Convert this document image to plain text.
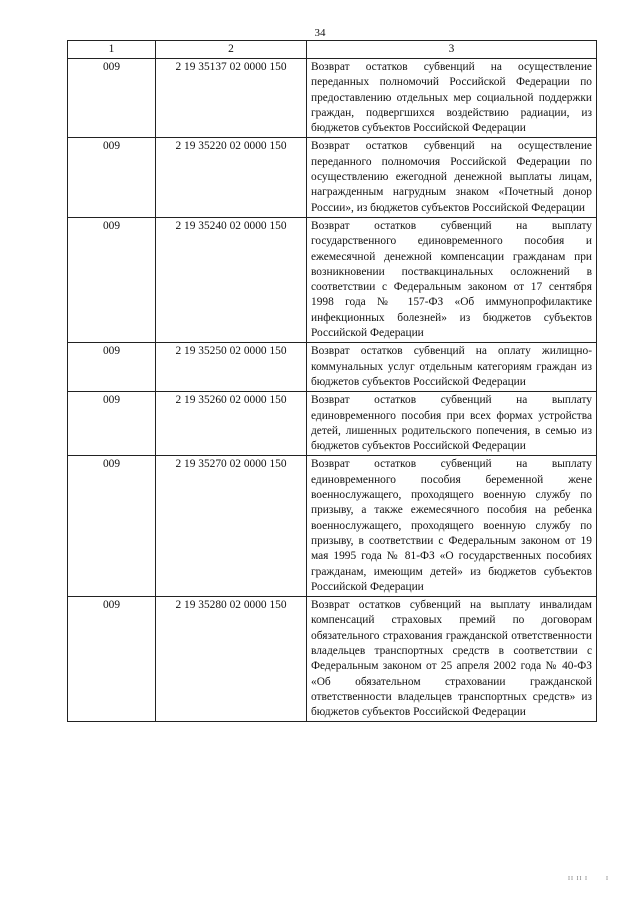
34
1	2	3
009	2 19 35137 02 0000 150	Возврат остатков субвенций на осуществление переданных полномочий Российской Федерации по предоставлению отдельных мер социальной поддержки граждан, подвергшихся воздействию радиации, из бюджетов субъектов Российской Федерации
009	2 19 35220 02 0000 150	Возврат остатков субвенций на осуществление переданного полномочия Российской Федерации по осуществлению ежегодной денежной выплаты лицам, награжденным нагрудным знаком «Почетный донор России», из бюджетов субъектов Российской Федерации
009	2 19 35240 02 0000 150	Возврат остатков субвенций на выплату государственного единовременного пособия и ежемесячной денежной компенсации гражданам при возникновении поствакцинальных осложнений в соответствии с Федеральным законом от 17 сентября 1998 года № 157-ФЗ «Об иммунопрофилактике инфекционных болезней» из бюджетов субъектов Российской Федерации
009	2 19 35250 02 0000 150	Возврат остатков субвенций на оплату жилищно-коммунальных услуг отдельным категориям граждан из бюджетов субъектов Российской Федерации
009	2 19 35260 02 0000 150	Возврат остатков субвенций на выплату единовременного пособия при всех формах устройства детей, лишенных родительского попечения, в семью из бюджетов субъектов Российской Федерации
009	2 19 35270 02 0000 150	Возврат остатков субвенций на выплату единовременного пособия беременной жене военнослужащего, проходящего военную службу по призыву, а также ежемесячного пособия на ребенка военнослужащего, проходящего военную службу по призыву, в соответствии с Федеральным законом от 19 мая 1995 года № 81-ФЗ «О государственных пособиях гражданам, имеющим детей» из бюджетов субъектов Российской Федерации
009	2 19 35280 02 0000 150	Возврат остатков субвенций на выплату инвалидам компенсаций страховых премий по договорам обязательного страхования гражданской ответственности владельцев транспортных средств в соответствии с Федеральным законом от 25 апреля 2002 года № 40-ФЗ «Об обязательном страховании гражданской ответственности владельцев транспортных средств» из бюджетов субъектов Российской Федерации
II II I	I
